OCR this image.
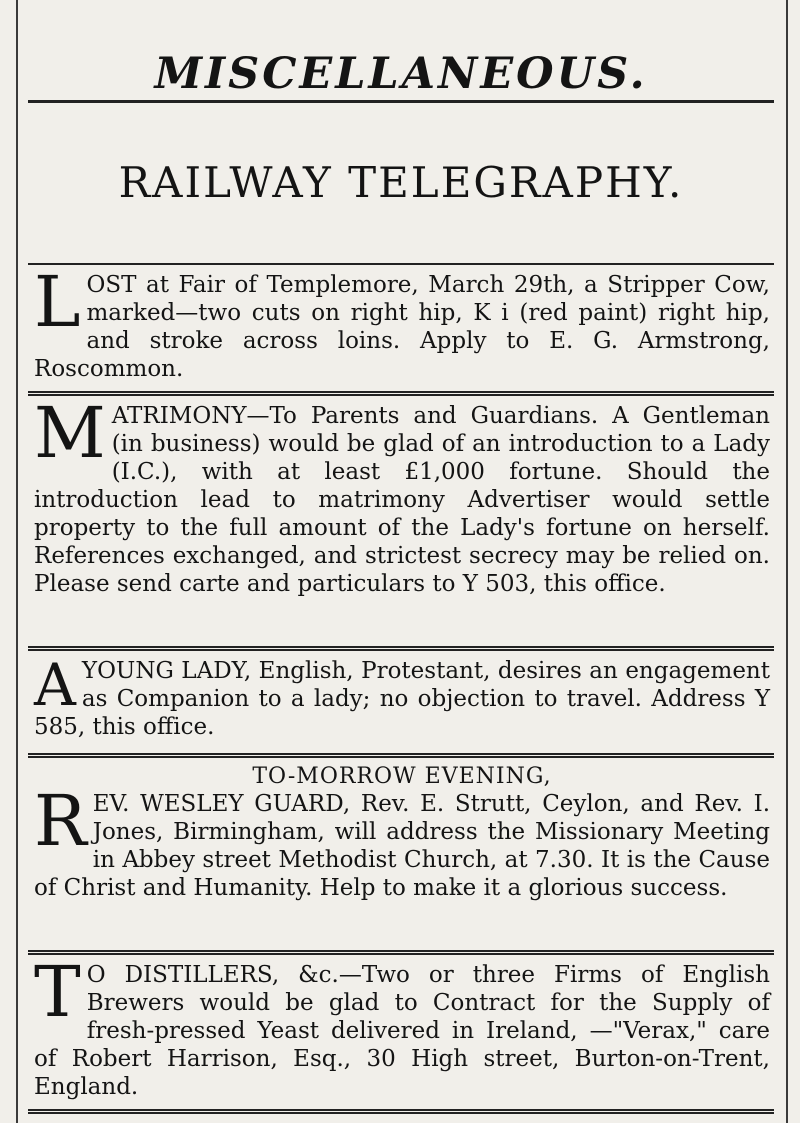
MISCELLANEOUS.
RAILWAY TELEGRAPHY.
L OST at Fair of Templemore, March 29th, a Stripper Cow, marked—two cuts on right hip, K i (red paint) right hip, and stroke across loins. Apply to E. G. Armstrong, Roscommon.

M ATRIMONY—To Parents and Guardians. A Gentleman (in business) would be glad of an introduction to a Lady (I.C.), with at least £1,000 fortune. Should the introduction lead to matrimony Advertiser would settle property to the full amount of the Lady's fortune on herself. References exchanged, and strictest secrecy may be relied on. Please send carte and particulars to Y 503, this office.

A YOUNG LADY, English, Protestant, desires an engagement as Companion to a lady; no objection to travel. Address Y 585, this office.

TO-MORROW EVENING,
R EV. WESLEY GUARD, Rev. E. Strutt, Ceylon, and Rev. I. Jones, Birmingham, will address the Missionary Meeting in Abbey street Methodist Church, at 7.30. It is the Cause of Christ and Humanity. Help to make it a glorious success.

T O DISTILLERS, &c.—Two or three Firms of English Brewers would be glad to Contract for the Supply of fresh-pressed Yeast delivered in Ireland, —"Verax," care of Robert Harrison, Esq., 30 High street, Burton-on-Trent, England.
